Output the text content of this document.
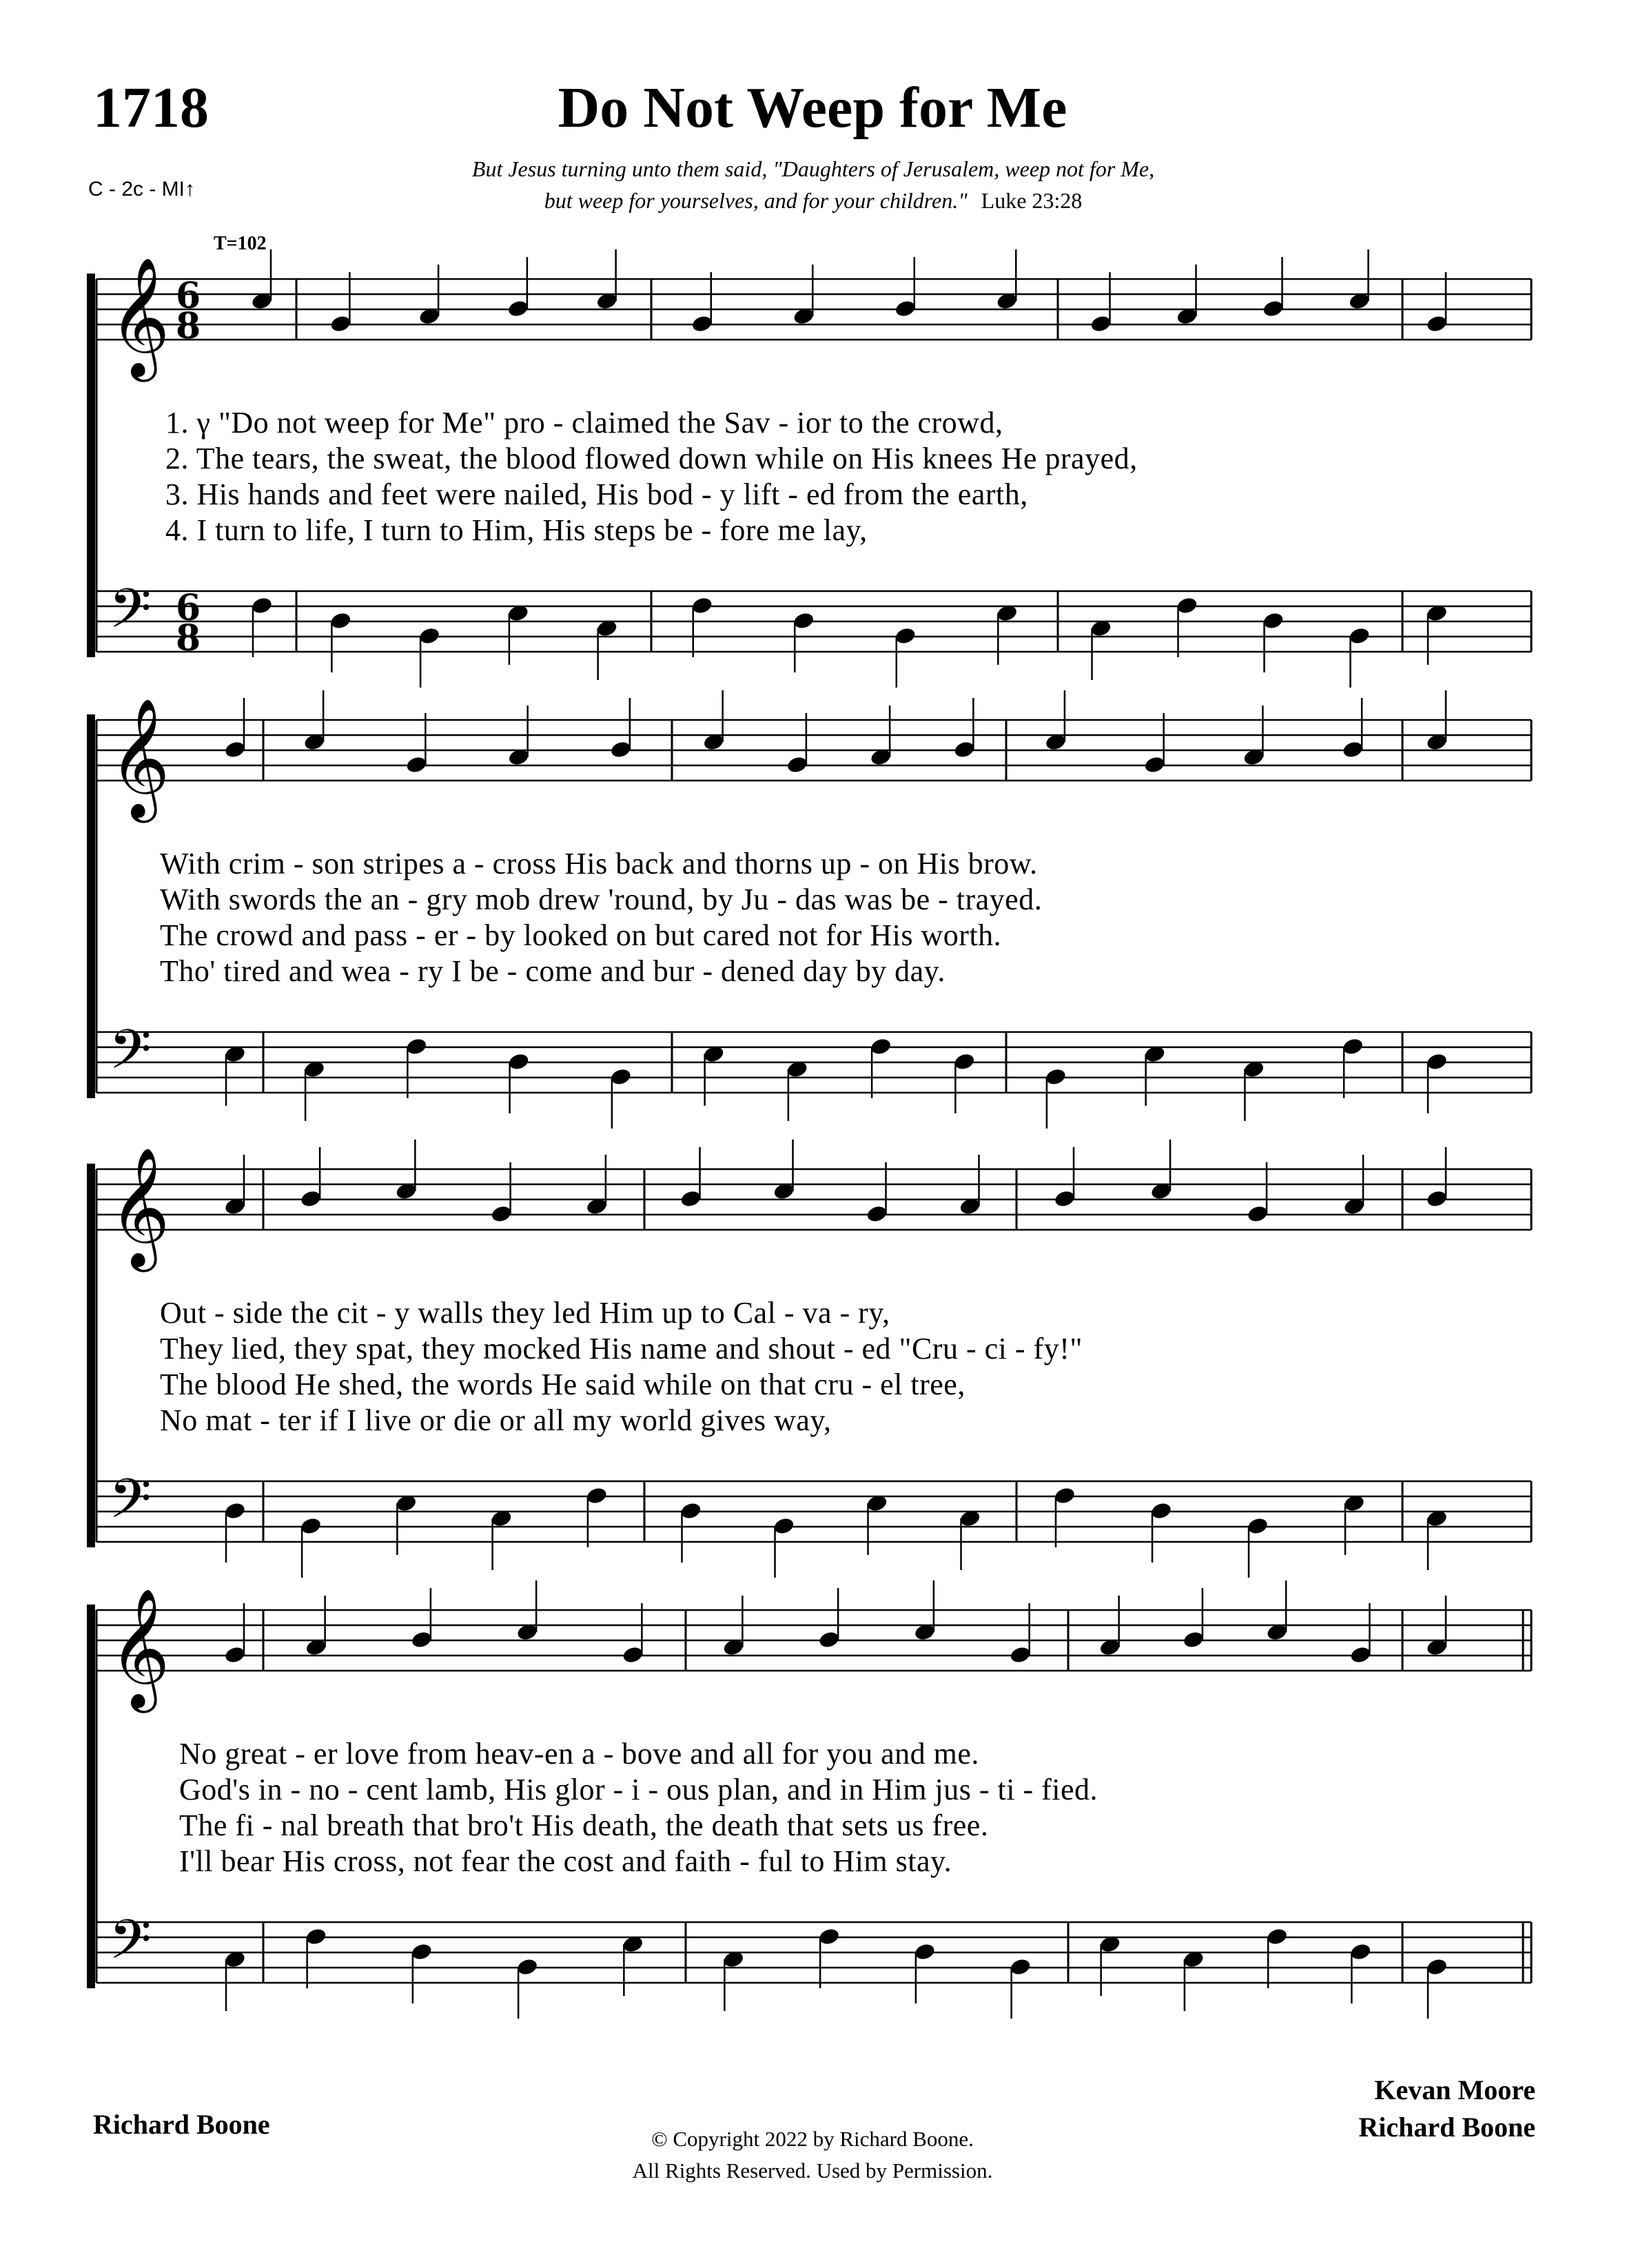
1718	Do Not Weep for Me
But Jesus turning unto them said, "Daughters of Jerusalem, weep not for Me,
but weep for yourselves, and for your children." Luke 23:28
C - 2c - MI↑
T=102
𝄞 6
8
𝄢 6
8
𝄞
𝄢
𝄞
𝄢
𝄞
𝄢
1. γ "Do not weep for Me" pro - claimed the Sav - ior to the crowd,
2. The tears, the sweat, the blood flowed down while on His knees He prayed,
3. His hands and feet were nailed, His bod - y lift - ed from the earth,
4. I turn to life, I turn to Him, His steps be - fore me lay,
With crim - son stripes a - cross His back and thorns up - on His brow.
With swords the an - gry mob drew 'round, by Ju - das was be - trayed.
The crowd and pass - er - by looked on but cared not for His worth.
Tho' tired and wea - ry I be - come and bur - dened day by day.
Out - side the cit - y walls they led Him up to Cal - va - ry,
They lied, they spat, they mocked His name and shout - ed "Cru - ci - fy!"
The blood He shed, the words He said while on that cru - el tree,
No mat - ter if I live or die or all my world gives way,
No great - er love from heav-en a - bove and all for you and me.
God's in - no - cent lamb, His glor - i - ous plan, and in Him jus - ti - fied.
The fi - nal breath that bro't His death, the death that sets us free.
I'll bear His cross, not fear the cost and faith - ful to Him stay.
Richard Boone
Kevan Moore
Richard Boone
© Copyright 2022 by Richard Boone.
All Rights Reserved. Used by Permission.
